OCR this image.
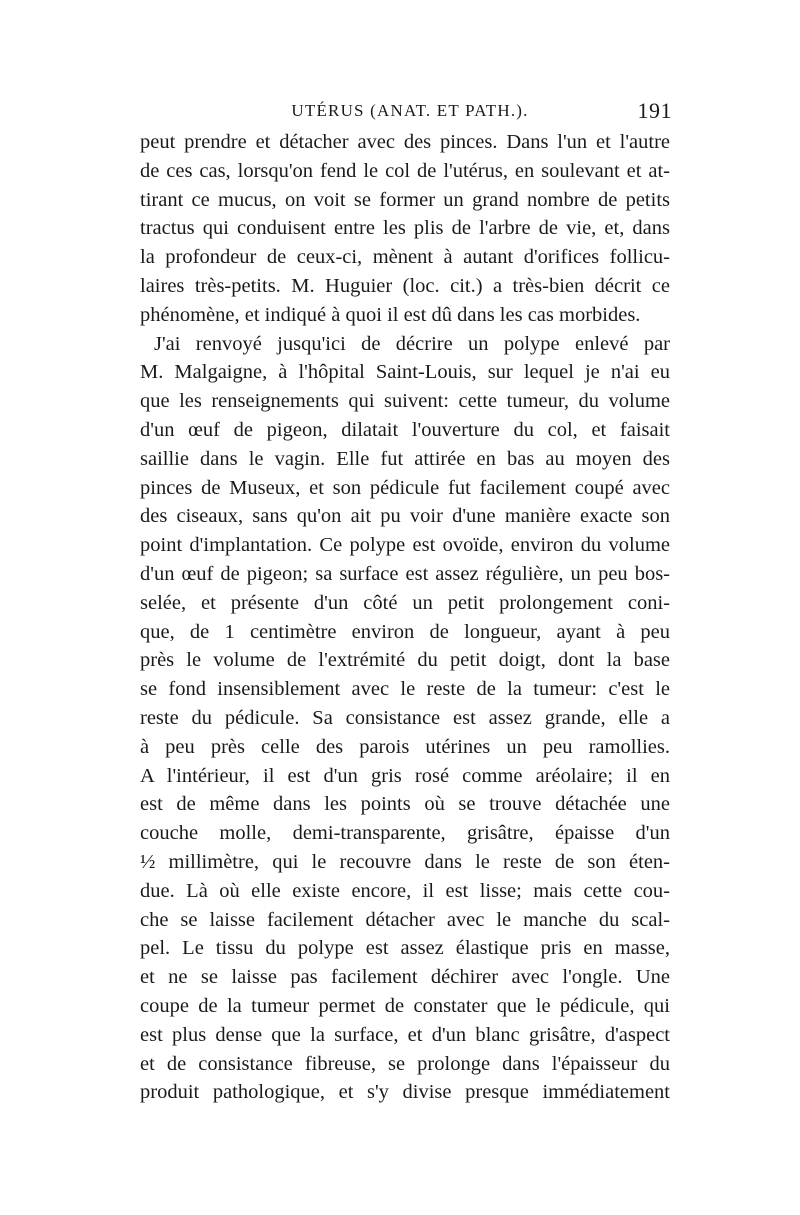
UTÉRUS (ANAT. ET PATH.).	191
peut prendre et détacher avec des pinces. Dans l'un et l'autre
de ces cas, lorsqu'on fend le col de l'utérus, en soulevant et at-
tirant ce mucus, on voit se former un grand nombre de petits
tractus qui conduisent entre les plis de l'arbre de vie, et, dans
la profondeur de ceux-ci, mènent à autant d'orifices follicu-
laires très-petits. M. Huguier (loc. cit.) a très-bien décrit ce
phénomène, et indiqué à quoi il est dû dans les cas morbides.
J'ai renvoyé jusqu'ici de décrire un polype enlevé par
M. Malgaigne, à l'hôpital Saint-Louis, sur lequel je n'ai eu
que les renseignements qui suivent: cette tumeur, du volume
d'un œuf de pigeon, dilatait l'ouverture du col, et faisait
saillie dans le vagin. Elle fut attirée en bas au moyen des
pinces de Museux, et son pédicule fut facilement coupé avec
des ciseaux, sans qu'on ait pu voir d'une manière exacte son
point d'implantation. Ce polype est ovoïde, environ du volume
d'un œuf de pigeon; sa surface est assez régulière, un peu bos-
selée, et présente d'un côté un petit prolongement coni-
que, de 1 centimètre environ de longueur, ayant à peu
près le volume de l'extrémité du petit doigt, dont la base
se fond insensiblement avec le reste de la tumeur: c'est le
reste du pédicule. Sa consistance est assez grande, elle a
à peu près celle des parois utérines un peu ramollies.
A l'intérieur, il est d'un gris rosé comme aréolaire; il en
est de même dans les points où se trouve détachée une
couche molle, demi-transparente, grisâtre, épaisse d'un
½ millimètre, qui le recouvre dans le reste de son éten-
due. Là où elle existe encore, il est lisse; mais cette cou-
che se laisse facilement détacher avec le manche du scal-
pel. Le tissu du polype est assez élastique pris en masse,
et ne se laisse pas facilement déchirer avec l'ongle. Une
coupe de la tumeur permet de constater que le pédicule, qui
est plus dense que la surface, et d'un blanc grisâtre, d'aspect
et de consistance fibreuse, se prolonge dans l'épaisseur du
produit pathologique, et s'y divise presque immédiatement
